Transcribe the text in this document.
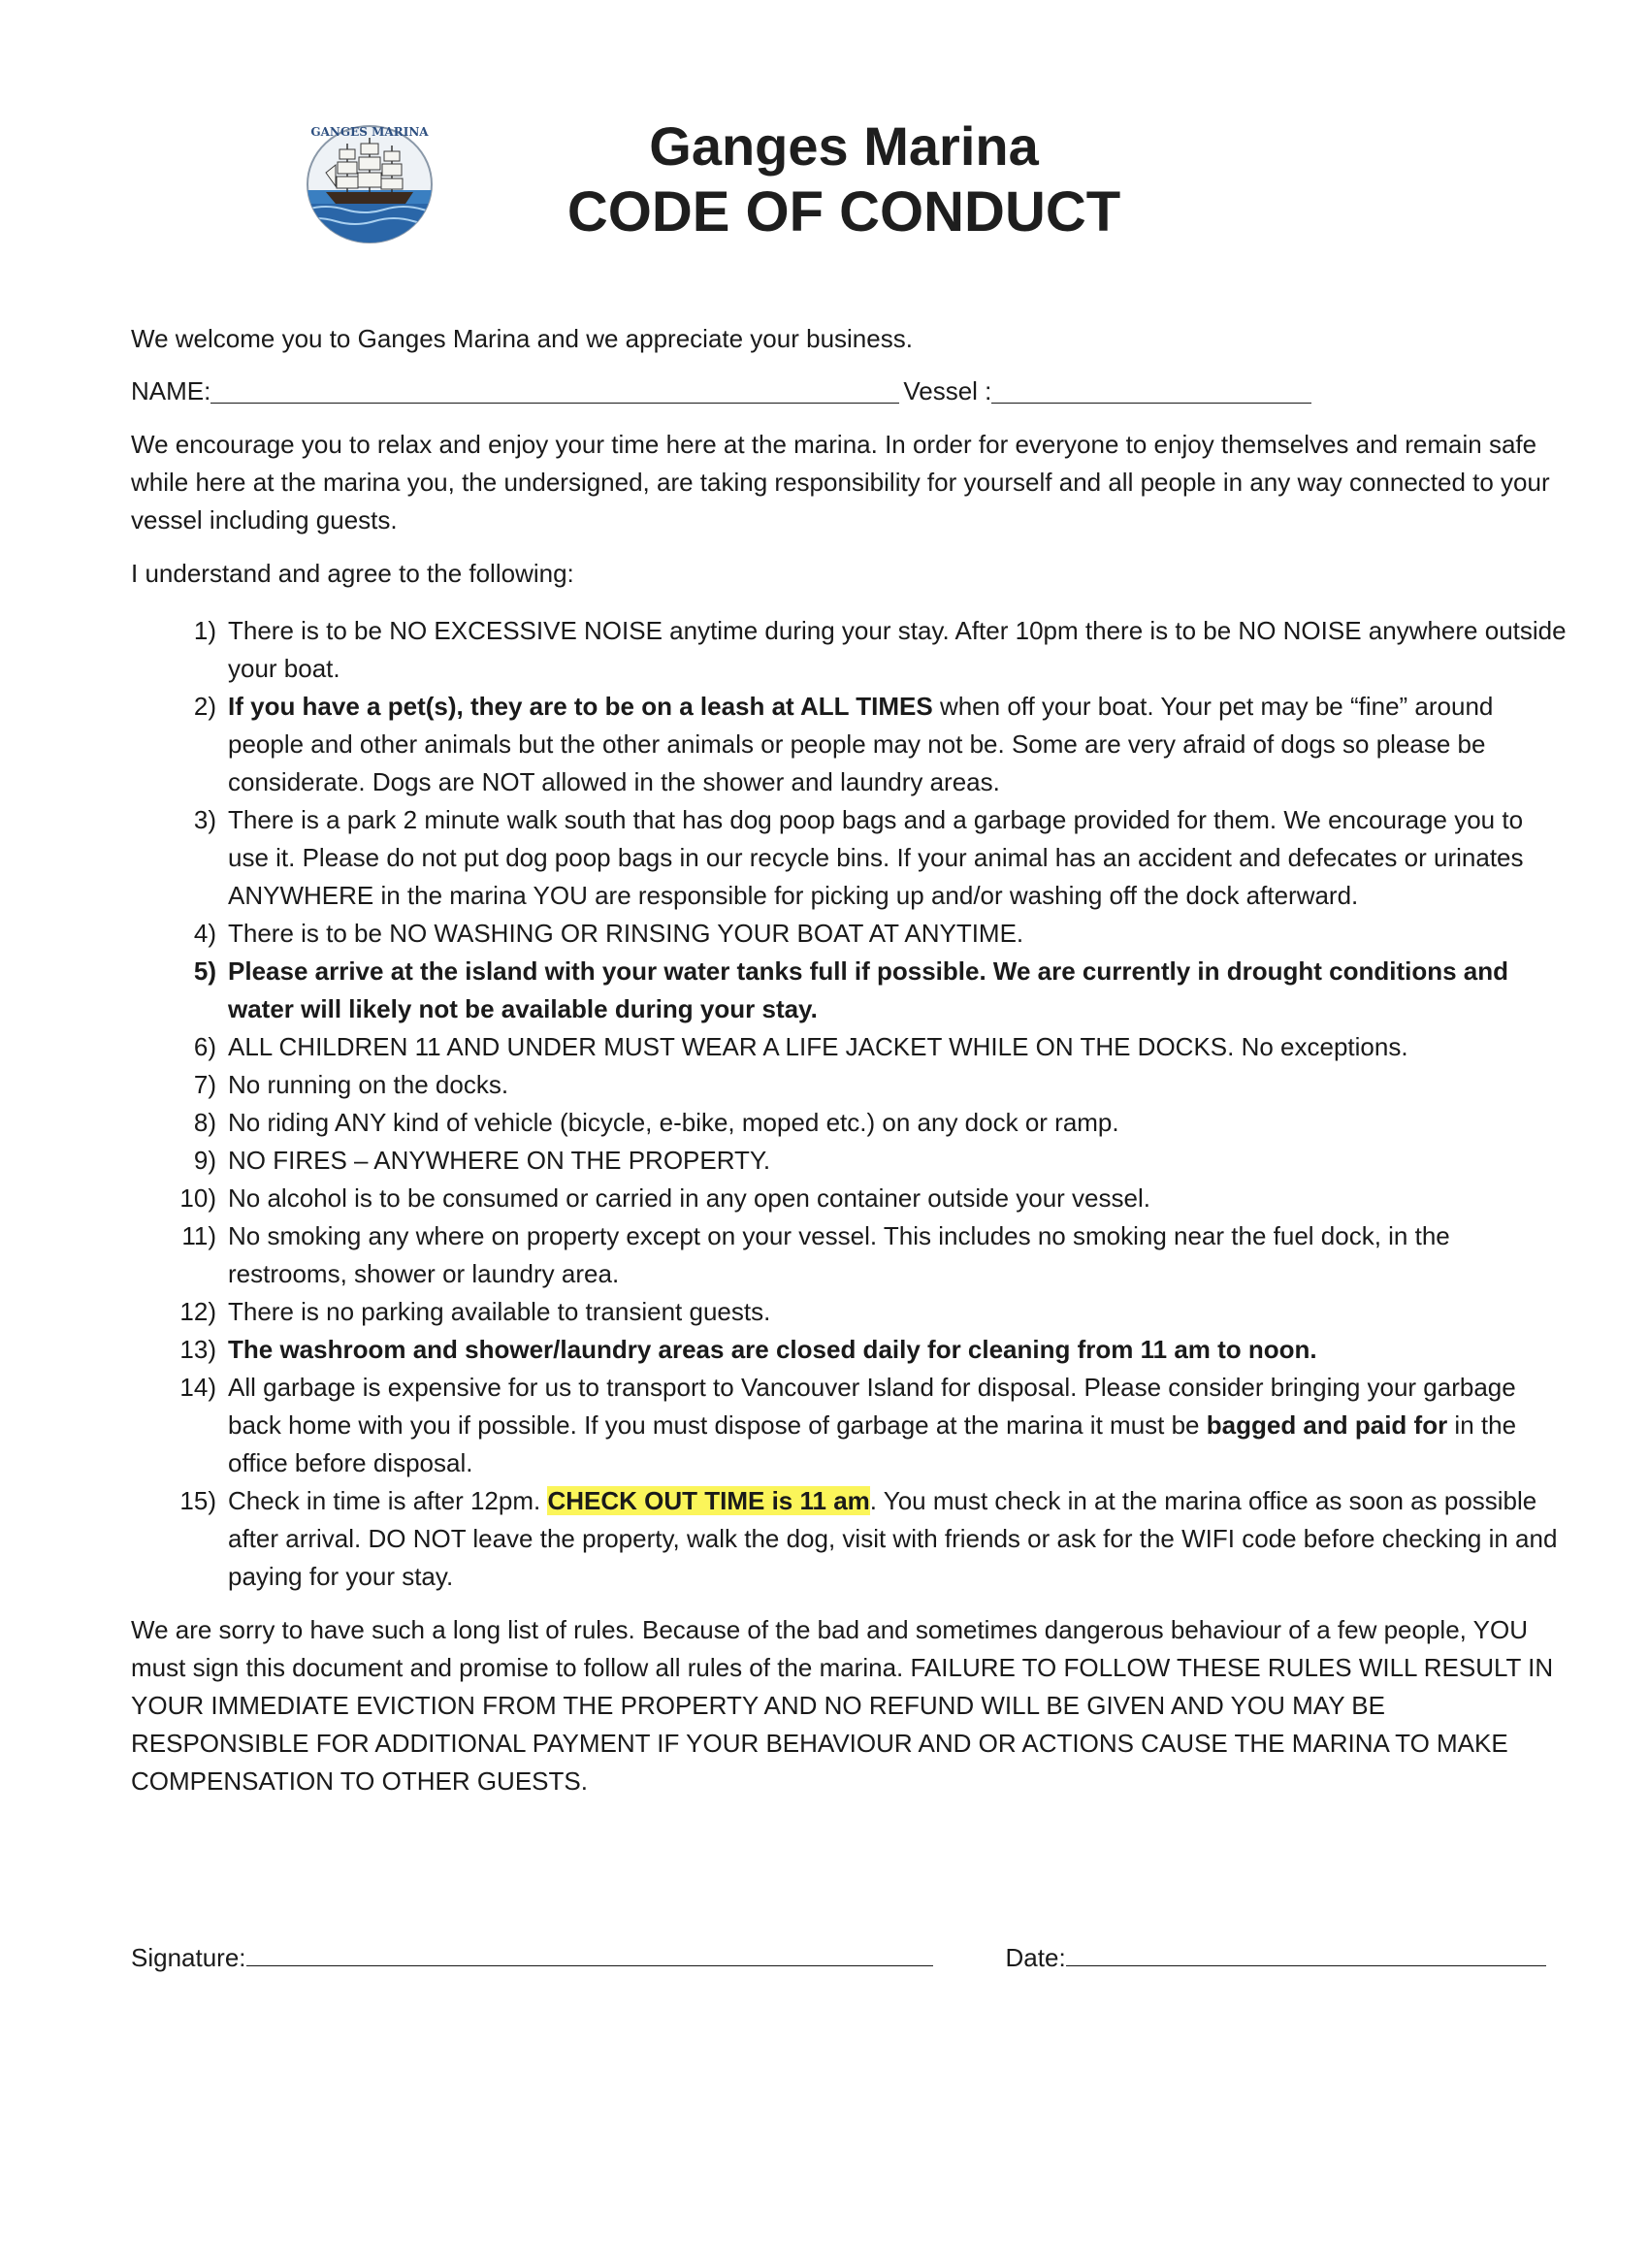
GANGES MARINA	Ganges Marina

CODE OF CONDUCT

We welcome you to Ganges Marina and we appreciate your business.

NAME:	Vessel :

We encourage you to relax and enjoy your time here at the marina. In order for everyone to enjoy themselves and remain safe while here at the marina you, the undersigned, are taking responsibility for yourself and all people in any way connected to your vessel including guests.

I understand and agree to the following:

1) There is to be NO EXCESSIVE NOISE anytime during your stay. After 10pm there is to be NO NOISE anywhere outside your boat.
2) If you have a pet(s), they are to be on a leash at ALL TIMES when off your boat. Your pet may be “fine” around people and other animals but the other animals or people may not be. Some are very afraid of dogs so please be considerate. Dogs are NOT allowed in the shower and laundry areas.
3) There is a park 2 minute walk south that has dog poop bags and a garbage provided for them. We encourage you to use it. Please do not put dog poop bags in our recycle bins. If your animal has an accident and defecates or urinates ANYWHERE in the marina YOU are responsible for picking up and/or washing off the dock afterward.
4) There is to be NO WASHING OR RINSING YOUR BOAT AT ANYTIME.
5) Please arrive at the island with your water tanks full if possible. We are currently in drought conditions and water will likely not be available during your stay.
6) ALL CHILDREN 11 AND UNDER MUST WEAR A LIFE JACKET WHILE ON THE DOCKS. No exceptions.
7) No running on the docks.
8) No riding ANY kind of vehicle (bicycle, e-bike, moped etc.) on any dock or ramp.
9) NO FIRES – ANYWHERE ON THE PROPERTY.
10) No alcohol is to be consumed or carried in any open container outside your vessel.
11) No smoking any where on property except on your vessel. This includes no smoking near the fuel dock, in the restrooms, shower or laundry area.
12) There is no parking available to transient guests.
13) The washroom and shower/laundry areas are closed daily for cleaning from 11 am to noon.
14) All garbage is expensive for us to transport to Vancouver Island for disposal. Please consider bringing your garbage back home with you if possible. If you must dispose of garbage at the marina it must be bagged and paid for in the office before disposal.
15) Check in time is after 12pm. CHECK OUT TIME is 11 am. You must check in at the marina office as soon as possible after arrival. DO NOT leave the property, walk the dog, visit with friends or ask for the WIFI code before checking in and paying for your stay.

We are sorry to have such a long list of rules. Because of the bad and sometimes dangerous behaviour of a few people, YOU must sign this document and promise to follow all rules of the marina. FAILURE TO FOLLOW THESE RULES WILL RESULT IN YOUR IMMEDIATE EVICTION FROM THE PROPERTY AND NO REFUND WILL BE GIVEN AND YOU MAY BE RESPONSIBLE FOR ADDITIONAL PAYMENT IF YOUR BEHAVIOUR AND OR ACTIONS CAUSE THE MARINA TO MAKE COMPENSATION TO OTHER GUESTS.

Signature:	Date:
